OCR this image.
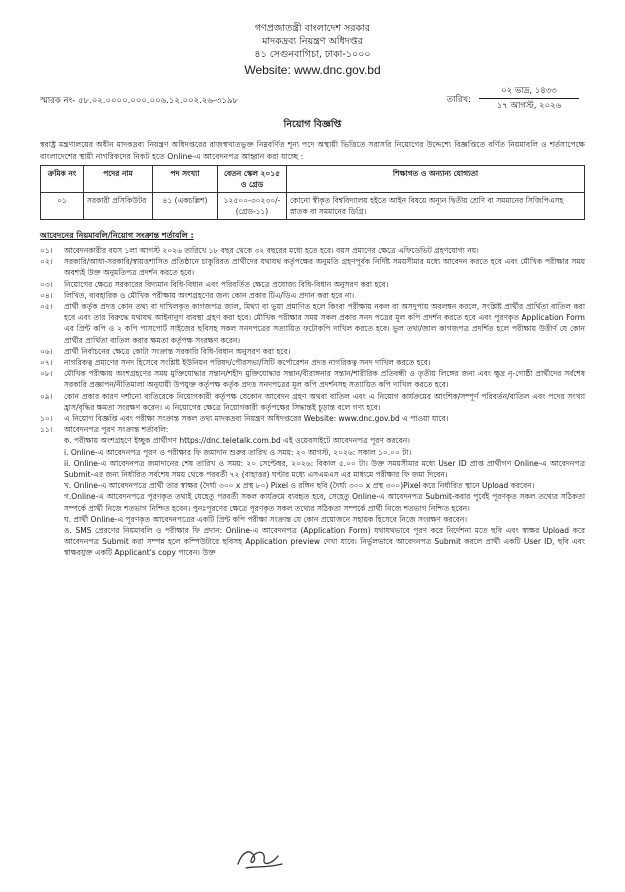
গণপ্রজাতন্ত্রী বাংলাদেশ সরকার
মাদকদ্রব্য নিয়ন্ত্রণ অধিদপ্তর
৪১ সেগুনবাগিচা, ঢাকা-১০০০
Website: www.dnc.gov.bd
স্মারক নং- ৫৮.০২.০০০০.০০০.০০৬.১২.০০২.২৬-৩১৯৮	তারিখ:
০২ ভাদ্র, ১৪৩৩
১৭ আগস্ট, ২০২৬
নিয়োগ বিজ্ঞপ্তি
স্বরাষ্ট্র মন্ত্রণালয়ের অধীন মাদকদ্রব্য নিয়ন্ত্রণ অধিদপ্তরের রাজস্বখাতভুক্ত নিম্নবর্ণিত শূন্য পদে অস্থায়ী ভিত্তিতে সরাসরি নিয়োগের উদ্দেশ্যে বিজ্ঞপ্তিতে বর্ণিত নিয়মাবলি ও শর্তসাপেক্ষে বাংলাদেশের স্থায়ী নাগরিকদের নিকট হতে Online-এ আবেদনপত্র আহ্বান করা যাচ্ছে :
ক্রমিক নং	পদের নাম	পদ সংখ্যা	বেতন স্কেল ২০১৫ ও গ্রেড	শিক্ষাগত ও অন্যান্য যোগ্যতা
০১	সরকারী প্রসিকিউটর	৪১ (একচল্লিশ)	১২৫০০-৩০২৩০/- (গ্রেড-১১)	কোনো স্বীকৃত বিশ্ববিদ্যালয় হইতে আইন বিষয়ে অন্যূন দ্বিতীয় শ্রেণি বা সমমানের সিজিপিএসহ স্নাতক বা সমমানের ডিগ্রি।
আবেদনের নিয়মাবলি/নিয়োগ সংক্রান্ত শর্তাবলি :
০১।	আবেদনকারীর বয়স ১লা আগস্ট ২০২৬ তারিখে ১৮ বছর থেকে ৩২ বছরের মধ্যে হতে হবে। বয়স প্রমাণের ক্ষেত্রে এফিডেভিট গ্রহণযোগ্য নয়।
০২।	সরকারি/আধা-সরকারি/স্বায়ত্তশাসিত প্রতিষ্ঠানে চাকুরিরত প্রার্থীদের যথাযথ কর্তৃপক্ষের অনুমতি গ্রহণপূর্বক নির্দিষ্ট সময়সীমার মধ্যে আবেদন করতে হবে এবং মৌখিক পরীক্ষার সময় অবশ্যই উক্ত অনুমতিপত্র প্রদর্শন করতে হবে।
০৩।	নিয়োগের ক্ষেত্রে সরকারের বিদ্যমান বিধি-বিধান এবং পরিবর্তিত ক্ষেত্রে প্রযোজ্য বিধি-বিধান অনুসরণ করা হবে।
০৪।	লিখিত, ব্যবহারিক ও মৌখিক পরীক্ষায় অংশগ্রহণের জন্য কোন প্রকার টিএ/ডিএ প্রদান করা হবে না।
০৫।	প্রার্থী কর্তৃক প্রদত্ত কোন তথ্য বা দাখিলকৃত কাগজপত্র জাল, মিথ্যা বা ভুয়া প্রমাণিত হলে কিংবা পরীক্ষায় নকল বা অসদুপায় অবলম্বন করলে, সংশ্লিষ্ট প্রার্থীর প্রার্থিতা বাতিল করা হবে এবং তার বিরুদ্ধে যথাযথ আইনানুগ ব্যবস্থা গ্রহণ করা হবে। মৌখিক পরীক্ষার সময় সকল প্রকার সনদ পত্রের মূল কপি প্রদর্শন করতে হবে এবং পূরণকৃত Application Form এর প্রিন্ট কপি ও ২ কপি পাসপোর্ট সাইজের ছবিসহ সকল সনদপত্রের সত্যায়িত ফটোকপি দাখিল করতে হবে। ভুল তথ্য/জাল কাগজপত্র প্রদর্শিত হলে পরীক্ষায় উত্তীর্ণ যে কোন প্রার্থীর প্রার্থিতা বাতিল করার ক্ষমতা কর্তৃপক্ষ সংরক্ষণ করেন।
০৬।	প্রার্থী নির্বাচনের ক্ষেত্রে কোটা সংক্রান্ত সরকারি বিধি-বিধান অনুসরণ করা হবে।
০৭।	নাগরিকত্ব প্রমাণের সনদ হিসেবে সংশ্লিষ্ট ইউনিয়ন পরিষদ/পৌরসভা/সিটি কর্পোরেশন প্রদত্ত নাগরিকত্ব সনদ দাখিল করতে হবে।
০৮।	মৌখিক পরীক্ষায় অংশগ্রহণের সময় মুক্তিযোদ্ধার সন্তান/শহীদ মুক্তিযোদ্ধার সন্তান/বীরাঙ্গনার সন্তান/শারীরিক প্রতিবন্ধী ও তৃতীয় লিঙ্গের জন্য এবং ক্ষুদ্র নৃ-গোষ্ঠী প্রার্থীদের সর্বশেষ সরকারি প্রজ্ঞাপন/নীতিমালা অনুযায়ী উপযুক্ত কর্তৃপক্ষ কর্তৃক প্রদত্ত সনদপত্রের মূল কপি প্রদর্শনসহ সত্যায়িত কপি দাখিল করতে হবে।
০৯।	কোন প্রকার কারণ দর্শানো ব্যতিরেকে নিয়োগকারী কর্তৃপক্ষ যেকোন আবেদন গ্রহণ অথবা বাতিল এবং এ নিয়োগ কার্যক্রমের আংশিক/সম্পূর্ণ পরিবর্তন/বাতিল এবং পদের সংখ্যা হ্রাস/বৃদ্ধির ক্ষমতা সংরক্ষণ করেন। এ নিয়োগের ক্ষেত্রে নিয়োগকারী কর্তৃপক্ষের সিদ্ধান্তই চূড়ান্ত বলে গণ্য হবে।
১০।	এ নিয়োগ বিজ্ঞপ্তি এবং পরীক্ষা সংক্রান্ত সকল তথ্য মাদকদ্রব্য নিয়ন্ত্রণ অধিদপ্তরের Website: www.dnc.gov.bd এ পাওয়া যাবে।
১১।	আবেদনপত্র পূরণ সংক্রান্ত শর্তাবলি:
ক. পরীক্ষায় অংশগ্রহণে ইচ্ছুক প্রার্থীগণ https://dnc.teletalk.com.bd এই ওয়েবসাইটে আবেদনপত্র পূরণ করবেন।
i. Online-এ আবেদনপত্র পূরণ ও পরীক্ষার ফি জমাদান শুরুর তারিখ ও সময়: ২০ আগস্ট, ২০২৬: সকাল ১০.০০ টা।
ii. Online-এ আবেদনপত্র জমাদানের শেষ তারিখ ও সময়: ২০ সেপ্টেম্বর, ২০২৬: বিকাল ৫.০০ টা। উক্ত সময়সীমার মধ্যে User ID প্রাপ্ত প্রার্থীগণ Online-এ আবেদনপত্র Submit-এর জন্য নির্ধারিত সর্বশেষ সময় থেকে পরবর্তী ৭২ (বাহাত্তর) ঘণ্টার মধ্যে এসএমএস এর মাধ্যমে পরীক্ষার ফি জমা দিবেন।
খ. Online-এ আবেদনপত্রে প্রার্থী তার স্বাক্ষর (দৈর্ঘ্য ৩০০ x প্রস্থ ৮০) Pixel ও রঙ্গিন ছবি (দৈর্ঘ্য ৩০০ x প্রস্থ ৩০০)Pixel করে নির্ধারিত স্থানে Upload করবেন।
গ.Online-এ আবেদনপত্রে পূরণকৃত তথ্যই যেহেতু পরবর্তী সকল কার্যক্রমে ব্যবহৃত হবে, সেহেতু Online-এ আবেদনপত্র Submit-করার পূর্বেই পূরণকৃত সকল তথ্যের সঠিকতা সম্পর্কে প্রার্থী নিজে শতভাগ নিশ্চিত হবেন। পুনঃপূরণের ক্ষেত্রে পূরণকৃত সকল তথ্যের সঠিকতা সম্পর্কে প্রার্থী নিজে শতভাগ নিশ্চিত হবেন।
ঘ. প্রার্থী Online-এ পূরণকৃত আবেদনপত্রের একটি প্রিন্ট কপি পরীক্ষা সংক্রান্ত যে কোন প্রয়োজনে সহায়ক হিসেবে নিজে সংরক্ষণ করবেন।
ঙ. SMS প্রেরণের নিয়মাবলি ও পরীক্ষার ফি প্রদান: Online-এ আবেদনপত্র (Application Form) যথাযথভাবে পূরণ করে নির্দেশনা মতে ছবি এবং স্বাক্ষর Upload করে আবেদনপত্র Submit করা সম্পন্ন হলে কম্পিউটারে ছবিসহ Application preview দেখা যাবে। নির্ভুলভাবে আবেদনপত্র Submit করলে প্রার্থী একটি User ID, ছবি এবং স্বাক্ষরযুক্ত একটি Applicant's copy পাবেন। উক্ত
